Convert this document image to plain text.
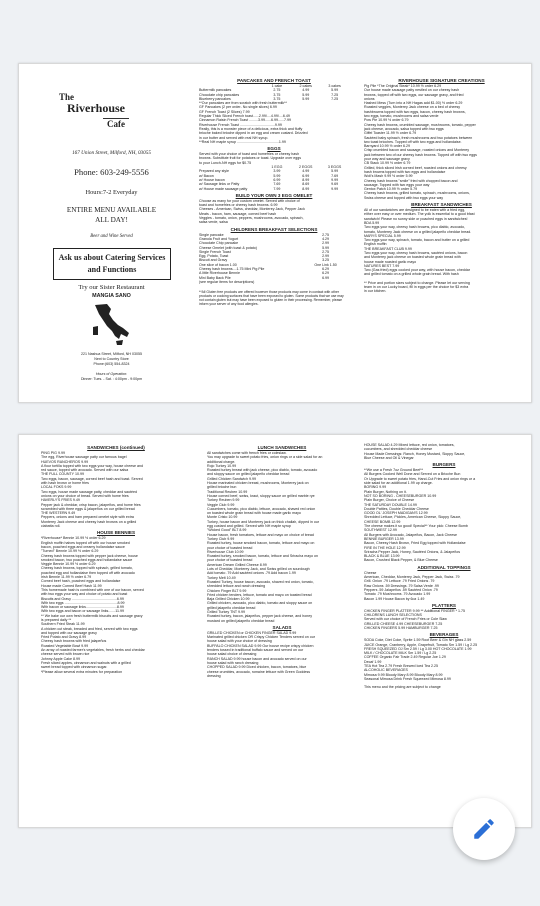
The
Riverhouse
Cafe
167 Union Street, Milford, NH, 03055
Phone: 603-249-5556
Hours:7-2 Everyday
ENTIRE MENU AVAILABLE ALL DAY!
Beer and Wine Served
Ask us about Catering Services and Functions
Try our Sister Restaurant
MANGIA SANO
221 Nashua Street, Milford, NH 03055
Next to Country Store
Phone:(603) 554-8324
Hours of Operation:
Dinner: Tues. - Sat. : 4:00pm - 9:00pm
PANCAKES AND FRENCH TOAST
1 cake	2 cakes	3 cakes
Buttermilk pancakes	2.75	4.99	5.99
Chocolate chip pancakes	3.75	5.99	7.25
Blueberry pancakes	3.75	5.99	7.25
**Our pancakes are from scratch with fresh buttermilk**
GF Pancakes (2 per order- No single slices) 6.99
GF French Toast (2 Slices) 7.99
Regular Thick Sliced French toast......2.99/....4.99/....6.49
Cinnamon Raisin French Toast .........3.99......6.99......7.99
Riverhouse French Toast ...................................9.99
Really, this is a monster piece of a delicious, extra thick and fluffy
brioche baked brioche dipped in an egg and cream custard. Drizzled
in our butter and served with real NH syrup.
**Real NH maple syrup ..........................................1.99
EGGS
Served with your choice of toast and homefries or cheesy hash
browns. Substitute fruit for potatoes or toast. Upgrade over eggs
to your Lunch-NH eggs for $0.75
1 EGG	2 EGGS	3 EGGS
Prepared any style	3.99	4.99	5.99
w/ Bacon	5.99	6.99	7.69
w/ House bacon	6.99	8.99	9.99
w/ Sausage links or Patty	7.69	8.69	9.69
w/ House made sausage patty	7.99	8.99	9.99
BUILD YOUR OWN 3 EGG OMELET
Choose as many for your custom omelet. Served with choice of
toast and homefries or cheesy hash browns. 6.99
Cheeses - American, Swiss, cheddar, Monterey Jack, Pepper Jack
Meats - bacon, ham, sausage, corned beef hash
Veggies - tomato, onion, peppers, mushrooms, avocado, spinach,
salsa verde, salsa
CHILDRENS BREAKFAST SELECTIONS
Single pancake	2.75
Granola Fruit and Yogurt	4.29
Chocolate Chip pancake	2.99
Cheese Omelet (with toast & potato)	5.99
Single French Toast	2.75
Egg, Potato, Toast	2.99
Biscuit and Gravy	3.25
One slice of bacon 1.00	One Link 1.50
Cheesy hash browns....1.75 Mini Pig Pile	6.29
A little Riverhouse Bennie	6.29
Mini Baby Back Pile	6.99
(see regular items for descriptions)
**All Gluten free products are offered however those products may come in contact with other products or cooking surfaces that have been exposed to gluten. Some products that we use may not contain gluten but may have been exposed to gluten in their processing. Remember, please inform your server of any food allergies.
RIVERHOUSE SIGNATURE CREATIONS
Pig Pile *The Original Steak* 10.99 ½ order 6.29
Our house made sausage patty nestled on our cheesy hash
browns, topped off with two eggs, our sausage gravy, and fried
onions
Hashed Mess (Turn into a NH Hagas add $1.00) ½ order 6.29
Roasted veggies, Monterey Jack cheese on a bed of cheesy
hashbrowns topped with two eggs, bacon, cheesy hash browns,
two eggs, tomato, mushrooms and salsa verde
Pow Pie 10.99 ½ order 6.79
Cheesy hash browns, crumbled sausage, mushrooms, tomato, pepper
jack cheese, avocado, salsa topped with two eggs
Giffel Toaster 11.99 ½ order 6.79
Sautéed baby spinach, fresh mushrooms and two potatoes between
two toast brioches. Topped off with two eggs and hollandaise.
Barnyard 10.99 ½ order 6.29
Crisp crumbled bacon and sausage, roasted onions and Monterey
jack between two of our cheesy hash browns. Topped off with two eggs
your way and sausage gravy
CB Stack 10.99 ½ order 6.79
Grilled, thick sliced Irish corned beef, roasted onions and cheesy
hash browns topped with two eggs and hollandaise
Woll's Mash 9.99 ½ order 5.99
Cheesy hash browns "smile" fried with chopped bacon and
sausage. Topped with two eggs your way
Gentox Patch 10.99 ½ order 5.79
Cheesy hash browns, grilled tomato, spinach, mushrooms, onions,
Swiss cheese and topped with two eggs your way
BREAKFAST SANDWICHES
All of our sandwiches are designed to be eaten with a fried egg,
either over easy or over medium. The yolk is essential to a good bfast
sandwich! Please no sunny side or poached eggs in sandwiches!
BDA 5.99
Two eggs your way, cheesy hash browns, pico diablo, avocado,
tomato, Monterey Jack cheese on a grilled jalapeño cheddar bread.
MARYS SPECIAL 5.99
Two eggs your way, spinach, tomato, bacon and butter on a grilled
English muffin
THE BREAKFAST CLUB 9.99
Two eggs your way, cheesy hash browns, sautéed onions, bacon
and Monterey jack cheese on toasted whole grain bread with
house made roasted garlic mayo
NATURES BEST 7.99
Two (Gas fried) eggs cooked your way, with house bacon, cheddar
and grilled tomato on a grilled whole grain bread. With hash
** Price and portion sizes subject to change. Please let our serving
team in on our Lucky board, fill in eggs per the choice for $3 extra
in our kitchen.
SANDWICHES (continued)
PING PIG 9.99
The egg, Riverhouse sausage patty our famous bagel
HUEVOS RANCHEROS 9.99
A flour tortilla topped with two eggs your way, house cheese and
red sauce, topped with avocado. Served with our salsa
THE FULL COUNTY 10.99
Two eggs, bacon, sausage, corned beef hash and toast. Served
with hash brown or home fries
LOCAL FOKS 9.99
Two eggs, house made sausage patty, cheddar and sautéed
onions on your choice of bread. Served with home fries
HAVERLY'S FRIES 9.49
Pepper jack & cheddar, crisp bacon, jalapeños, and home fries
scrambled with three eggs & jalapeños on our grilled bread
THE WESTERN 9.49
Peppers, onions and ham prepared omelet style with extra
Monterey Jack cheese and cheesy hash browns on a grilled
ciabatta roll.
HOUSE BENNIES
*Riverhouse* Bennie 10.99 ½ order 6.29
English muffin halves topped off with our house smoked
bacon, poached eggs and creamy hollandaise sauce
"Turned" Bennie 10.99 ½ order 6.29
Cheesy hash browns topped with pepper jack cheese, house
smoked bacon, two poached eggs and hollandaise sauce
Veggie Bennie 10.99 ½ order 6.29
Cheesy hash browns, topped with spinach, grilled tomato,
poached egg and hollandaise then topped off with avocado
Irish Bennie 11.99 ½ order 6.79
Corned beef hash, poached eggs and hollandaise
House made Corned Beef Hash 11.99
This homemade hash is combined with one of our bacon, served
with two eggs your way and choice of potato and toast
Biscuits and Gravy .............................................6.99
With two eggs .....................................................8.99
With bacon or sausage links...............................8.99
With two eggs and bacon or sausage links.......11.99
** We bake our own fresh buttermilk biscuits and sausage gravy
is prepared daily **
Southern Fried Steak 11.99
A chicken cut steak, breaded and fried, served with two eggs
and topped with our sausage gravy
Fried Potato and Gravy 8.99
Cheesy hash browns with fried jalapeños
Roasted Vegetable Bowl 9.99
An array of roasted farmer's vegetables, fresh herbs and cheddar
cheese served with brown rice
Johnny Apple Cake 8.99
Fresh sliced apples, cinnamon and walnuts with a grilled
sweet bread topped with cinnamon sugar.
*Please allow several extra minutes for preparation
LUNCH SANDWICHES
All sandwiches come with french fries or coleslaw.
You may upgrade to sweet potato fries, onion rings or a side salad for an
additional charge.
Rojo Turkey 10.99
Roasted turkey breast with jack cheese, pico diablo, tomato, avocado
and sloppy sauce on grilled jalapeño cheddar bread
Grilled Chicken Sandwich 9.99
House marinated chicken breast, mushrooms, Monterey jack on
grilled brioche bun
Traditional Reuben 10.99
House corned beef, swiss, kraut, sloppy sauce on grilled marble rye
Turkey Reuben 9.99
Veggie Club 9.99
Cucumbers, tomato, pico diablo, lettuce, avocado, shaved red onion
on toasted whole grain bread with house made garlic mayo
Monte Cristo 10.99
Turkey, house bacon and Monterey jack on thick challah, dipped in our
egg custard and grilled. Served with NH maple syrup
"Wicked Good" BLT 8.99
House bacon, fresh tomatoes, lettuce and mayo on choice of bread
Turkey Club 9.99
Roasted turkey, house smoked bacon, tomato, lettuce and mayo on
your choice of toasted bread
Riverhouse Club 10.99
Roasted turkey, smoked bacon, tomato, lettuce and Sriracha mayo on
your choice of toasted bread
American Dream Grilled Cheese 8.99
Lots of Cheddar, Monterey Jack, and Swiss grilled on sourdough
Add tomato .79 Add sautéed onions .79 Add bacon 1.99
Turkey Melt 10.49
Roasted Turkey, house bacon, avocado, shaved red onion, tomato,
shredded lettuce and ranch dressing
Chicken Finger BLT 9.99
Fried chicken tenders, lettuce, tomato and mayo on toasted bread
Baja Grilled Chicken 10.99
Grilled chicken, avocado, pico diablo, tomato and sloppy sauce on
grilled jalapeño cheddar bread
Grilled Turkey TNT 9.99
Roasted turkey, bacon, jalapeños, pepper jack cheese, and honey
mustard on grilled jalapeño cheddar bread
SALADS
GRILLED CHICKEN or CHICKEN FINGER SALAD 9.99
Marinated grilled chicken OR Crispy Chicken Tenders served on our
house salad with your choice of dressing
BUFFALO CHICKEN SALAD 9.99 Our house recipe crispy chicken
tenders tossed in traditional buffalo sauce and served on our
house salad choice of dressing
RANCH SALAD 9.99 house bacon and avocado served on our
house salad with ranch dressing
CHOPPED SALAD 9.99 Diced chicken, bacon, tomatoes, blue
cheese crumbles, avocado, romaine lettuce with Green Goddess
dressing
HOUSE SALAD 4.29 Mixed lettuce, red onion, tomatoes,
cucumbers, and shredded cheddar cheese
House Made Dressings: Ranch, Honey Mustard, Sloppy Sauce,
Blue Cheese and Oil & Vinegar
BURGERS
**We use a Fresh 7oz Ground Beef**
All Burgers Cooked Well Done and Served on a Brioche Bun
Or Upgrade to sweet potato fries, Hand-Cut Fries and onion rings or a
side salad for an additional 1.99 up charge.
BORING 9.99
Plain Burger, Nothing on it.
NOT SO BORING - CHEESEBURGER 10.99
Plain Burger, Choice of Cheese
THE SATURDAY DOUBLE 14.99
Double Patties, Double Cheddar Cheese
GOOD OL' JOSEPH MADIGAN'S 12.99
Shredded Lettuce, Pickles, American Cheese, Sloppy Sauce,
CHEESE BOMB 12.99
The cheese makes it so good! Special** Your pick: Cheese Bomb
SOUTHWEST 12.99
All Burgers with Avocado, Jalapeños, Bacon, Jack Cheese
BENNIE BURGER 13.99
Bacon, Cheesy Hash Brown, Fried Egg topped with Hollandaise
FIRE IN THE HOLE 12.99
Sriracha Pepper Jack, Honey, Sautéed Onions, & Jalapeños
BLACK & BLUE 13.99
Bacon, Crushed Black Pepper, & Blue Cheese
ADDITIONAL TOPPINGS
Cheese
American, Cheddar, Monterey Jack, Pepper Jack, Swiss .79
Grill. Onion .79 Lettuce .79 Fried Onions .79
Raw Onions .59 Dressings .79 Salsa Verde .99
Peppers .59 Jalapeños .59 Sautéed Onion .79
Tomato .79 Mushrooms .79 Avocado 1.99
Bacon 1.99 House Bacon by 6oz 1.49
PLATTERS
CHICKEN FINGER PLATTER 9.99 ** Additional FINGER * 1.75
CHILDRENS LUNCH SELECTIONS
Served with our choice of French Fries or Cole Slaw
GRILLED CHEESE 4.99 CHEESEBURGER 7.25
CHICKEN FINGERS 5.99 HAMBURGER 7.25
BEVERAGES
SODA Coke, Diet Coke, Sprite 1.59 Root Beer & Gin NH glass 2.59
JUICE Orange, Cranberry, Apple, Grapefruit, Tomato Sm 1.59 / Lg 2.25
FRESH SQUEEZED OJ Sm 2.59 / Lg 3.00 HOT CHOCOLATE 1.99
MILK / CHOCOLATE MILK Sm 1.59 / Lg 2.25
COFFEE Organic Fair Trade 2.49 Regular Joe 1.29
Decaf 1.99
TEA Hot Tea 2.79 Fresh Brewed Iced Tea 2.25
ALCOHOLIC BEVERAGES
Mimosa 9.99 Bloody Mary 8.99 Bloody Mary 8.99
Seasonal Mimosa Drink Fresh Squeezed Mimosa 8.99
This menu and the pricing are subject to change
